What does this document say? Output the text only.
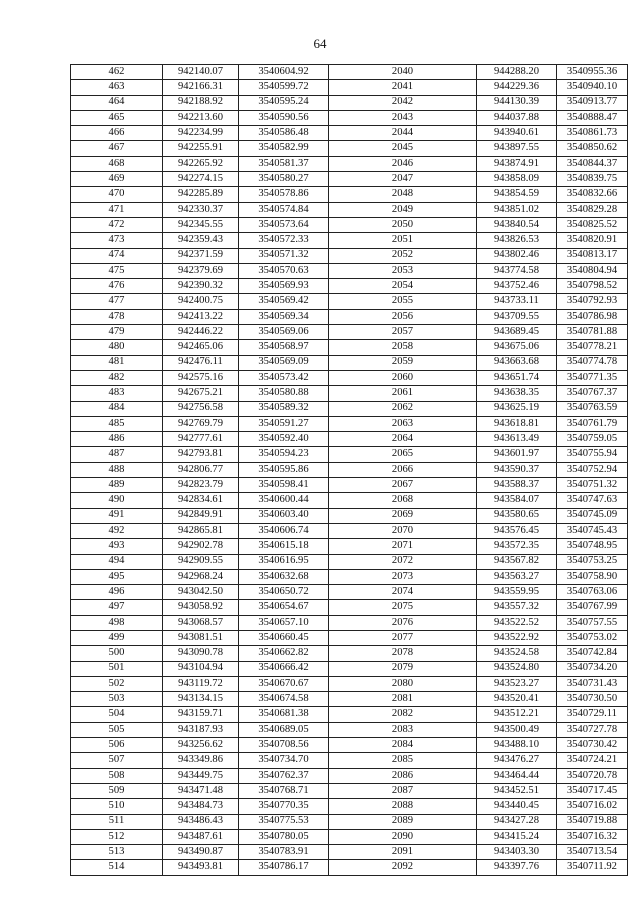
64
462	942140.07	3540604.92	2040	944288.20	3540955.36
463	942166.31	3540599.72	2041	944229.36	3540940.10
464	942188.92	3540595.24	2042	944130.39	3540913.77
465	942213.60	3540590.56	2043	944037.88	3540888.47
466	942234.99	3540586.48	2044	943940.61	3540861.73
467	942255.91	3540582.99	2045	943897.55	3540850.62
468	942265.92	3540581.37	2046	943874.91	3540844.37
469	942274.15	3540580.27	2047	943858.09	3540839.75
470	942285.89	3540578.86	2048	943854.59	3540832.66
471	942330.37	3540574.84	2049	943851.02	3540829.28
472	942345.55	3540573.64	2050	943840.54	3540825.52
473	942359.43	3540572.33	2051	943826.53	3540820.91
474	942371.59	3540571.32	2052	943802.46	3540813.17
475	942379.69	3540570.63	2053	943774.58	3540804.94
476	942390.32	3540569.93	2054	943752.46	3540798.52
477	942400.75	3540569.42	2055	943733.11	3540792.93
478	942413.22	3540569.34	2056	943709.55	3540786.98
479	942446.22	3540569.06	2057	943689.45	3540781.88
480	942465.06	3540568.97	2058	943675.06	3540778.21
481	942476.11	3540569.09	2059	943663.68	3540774.78
482	942575.16	3540573.42	2060	943651.74	3540771.35
483	942675.21	3540580.88	2061	943638.35	3540767.37
484	942756.58	3540589.32	2062	943625.19	3540763.59
485	942769.79	3540591.27	2063	943618.81	3540761.79
486	942777.61	3540592.40	2064	943613.49	3540759.05
487	942793.81	3540594.23	2065	943601.97	3540755.94
488	942806.77	3540595.86	2066	943590.37	3540752.94
489	942823.79	3540598.41	2067	943588.37	3540751.32
490	942834.61	3540600.44	2068	943584.07	3540747.63
491	942849.91	3540603.40	2069	943580.65	3540745.09
492	942865.81	3540606.74	2070	943576.45	3540745.43
493	942902.78	3540615.18	2071	943572.35	3540748.95
494	942909.55	3540616.95	2072	943567.82	3540753.25
495	942968.24	3540632.68	2073	943563.27	3540758.90
496	943042.50	3540650.72	2074	943559.95	3540763.06
497	943058.92	3540654.67	2075	943557.32	3540767.99
498	943068.57	3540657.10	2076	943522.52	3540757.55
499	943081.51	3540660.45	2077	943522.92	3540753.02
500	943090.78	3540662.82	2078	943524.58	3540742.84
501	943104.94	3540666.42	2079	943524.80	3540734.20
502	943119.72	3540670.67	2080	943523.27	3540731.43
503	943134.15	3540674.58	2081	943520.41	3540730.50
504	943159.71	3540681.38	2082	943512.21	3540729.11
505	943187.93	3540689.05	2083	943500.49	3540727.78
506	943256.62	3540708.56	2084	943488.10	3540730.42
507	943349.86	3540734.70	2085	943476.27	3540724.21
508	943449.75	3540762.37	2086	943464.44	3540720.78
509	943471.48	3540768.71	2087	943452.51	3540717.45
510	943484.73	3540770.35	2088	943440.45	3540716.02
511	943486.43	3540775.53	2089	943427.28	3540719.88
512	943487.61	3540780.05	2090	943415.24	3540716.32
513	943490.87	3540783.91	2091	943403.30	3540713.54
514	943493.81	3540786.17	2092	943397.76	3540711.92
